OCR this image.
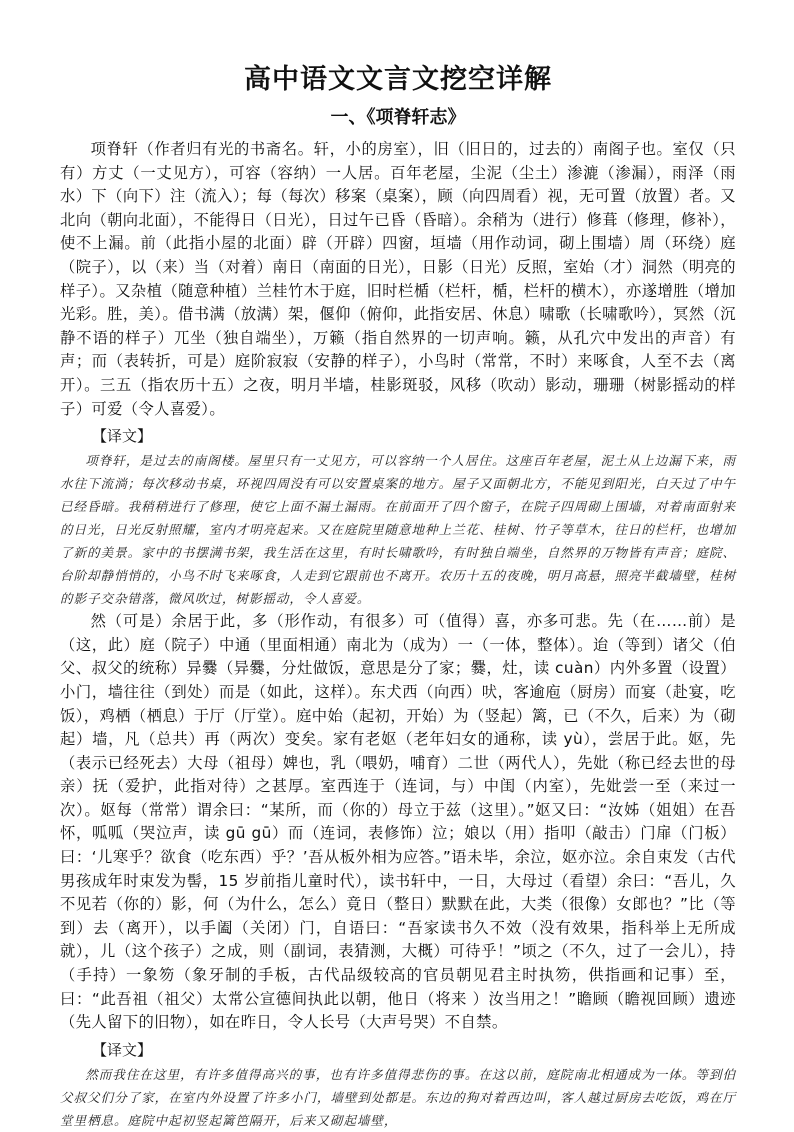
高中语文文言文挖空详解
一、《项脊轩志》

项脊轩（作者归有光的书斋名。轩，小的房室），旧（旧日的，过去的）南阁子也。室仅（只有）方丈（一丈见方），可容（容纳）一人居。百年老屋，尘泥（尘土）渗漉（渗漏），雨泽（雨水）下（向下）注（流入）；每（每次）移案（桌案），顾（向四周看）视，无可置（放置）者。又北向（朝向北面），不能得日（日光），日过午已昏（昏暗）。余稍为（进行）修葺（修理，修补），使不上漏。前（此指小屋的北面）辟（开辟）四窗，垣墙（用作动词，砌上围墙）周（环绕）庭（院子），以（来）当（对着）南日（南面的日光），日影（日光）反照，室始（才）洞然（明亮的样子）。又杂植（随意种植）兰桂竹木于庭，旧时栏楯（栏杆，楯，栏杆的横木），亦遂增胜（增加光彩。胜，美）。借书满（放满）架，偃仰（俯仰，此指安居、休息）啸歌（长啸歌吟），冥然（沉静不语的样子）兀坐（独自端坐），万籁（指自然界的一切声响。籁，从孔穴中发出的声音）有声；而（表转折，可是）庭阶寂寂（安静的样子），小鸟时（常常，不时）来啄食，人至不去（离开）。三五（指农历十五）之夜，明月半墙，桂影斑驳，风移（吹动）影动，珊珊（树影摇动的样子）可爱（令人喜爱）。

【译文】

项脊轩，是过去的南阁楼。屋里只有一丈见方，可以容纳一个人居住。这座百年老屋，泥土从上边漏下来，雨水往下流淌；每次移动书桌，环视四周没有可以安置桌案的地方。屋子又面朝北方，不能见到阳光，白天过了中午已经昏暗。我稍稍进行了修理，使它上面不漏土漏雨。在前面开了四个窗子，在院子四周砌上围墙，对着南面射来的日光，日光反射照耀，室内才明亮起来。又在庭院里随意地种上兰花、桂树、竹子等草木，往日的栏杆，也增加了新的美景。家中的书摆满书架，我生活在这里，有时长啸歌吟，有时独自端坐，自然界的万物皆有声音；庭院、台阶却静悄悄的，小鸟不时飞来啄食，人走到它跟前也不离开。农历十五的夜晚，明月高悬，照亮半截墙壁，桂树的影子交杂错落，微风吹过，树影摇动，令人喜爱。

然（可是）余居于此，多（形作动，有很多）可（值得）喜，亦多可悲。先（在……前）是（这，此）庭（院子）中通（里面相通）南北为（成为）一（一体，整体）。迨（等到）诸父（伯父、叔父的统称）异爨（异爨，分灶做饭，意思是分了家；爨，灶，读 cuàn）内外多置（设置）小门，墙往往（到处）而是（如此，这样）。东犬西（向西）吠，客逾庖（厨房）而宴（赴宴，吃饭），鸡栖（栖息）于厅（厅堂）。庭中始（起初，开始）为（竖起）篱，已（不久，后来）为（砌起）墙，凡（总共）再（两次）变矣。家有老妪（老年妇女的通称，读 yù），尝居于此。妪，先（表示已经死去）大母（祖母）婢也，乳（喂奶，哺育）二世（两代人），先妣（称已经去世的母亲）抚（爱护，此指对待）之甚厚。室西连于（连词，与）中闺（内室），先妣尝一至（来过一次）。妪每（常常）谓余曰：“某所，而（你的）母立于兹（这里）。”妪又曰：“汝姊（姐姐）在吾怀，呱呱（哭泣声，读 gū gū）而（连词，表修饰）泣；娘以（用）指叩（敲击）门扉（门板）曰：‘儿寒乎？欲食（吃东西）乎？’吾从板外相为应答。”语未毕，余泣，妪亦泣。余自束发（古代男孩成年时束发为髻，15 岁前指儿童时代），读书轩中，一日，大母过（看望）余曰：“吾儿，久不见若（你的）影，何（为什么，怎么）竟日（整日）默默在此，大类（很像）女郎也？”比（等到）去（离开），以手阖（关闭）门，自语曰：“吾家读书久不效（没有效果，指科举上无所成就），儿（这个孩子）之成，则（副词，表猜测，大概）可待乎！”顷之（不久，过了一会儿），持（手持）一象笏（象牙制的手板，古代品级较高的官员朝见君主时执笏，供指画和记事）至，曰：“此吾祖（祖父）太常公宣德间执此以朝，他日（将来 ）汝当用之！”瞻顾（瞻视回顾）遗迹（先人留下的旧物），如在昨日，令人长号（大声号哭）不自禁。

【译文】

然而我住在这里，有许多值得高兴的事，也有许多值得悲伤的事。在这以前，庭院南北相通成为一体。等到伯父叔父们分了家，在室内外设置了许多小门，墙壁到处都是。东边的狗对着西边叫，客人越过厨房去吃饭，鸡在厅堂里栖息。庭院中起初竖起篱笆隔开，后来又砌起墙壁，
